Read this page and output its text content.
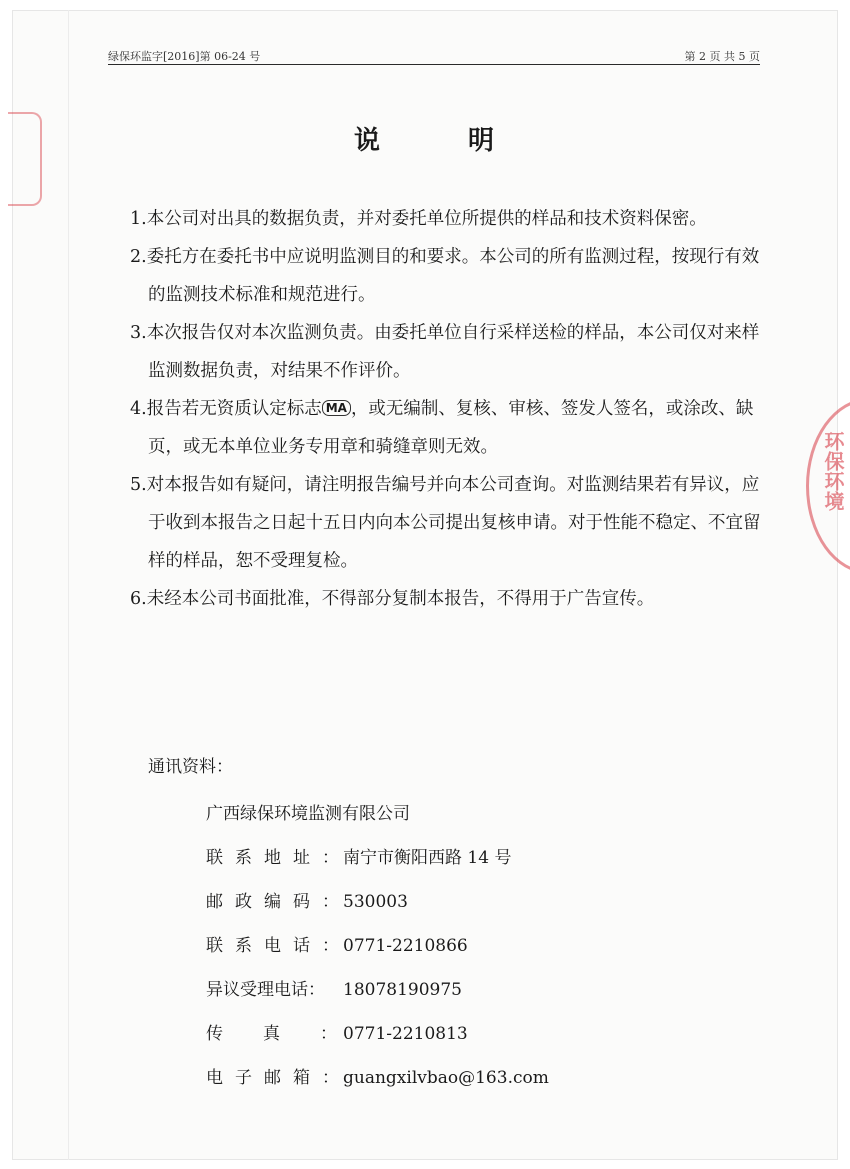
绿保环监字[2016]第 06-24 号	第 2 页 共 5 页
说	明

1.本公司对出具的数据负责，并对委托单位所提供的样品和技术资料保密。

2.委托方在委托书中应说明监测目的和要求。本公司的所有监测过程，按现行有效的监测技术标准和规范进行。

3.本次报告仅对本次监测负责。由委托单位自行采样送检的样品，本公司仅对来样监测数据负责，对结果不作评价。

4.报告若无资质认定标志 MA ，或无编制、复核、审核、签发人签名，或涂改、缺页，或无本单位业务专用章和骑缝章则无效。

5.对本报告如有疑问，请注明报告编号并向本公司查询。对监测结果若有异议，应于收到本报告之日起十五日内向本公司提出复核申请。对于性能不稳定、不宜留样的样品，恕不受理复检。

6.未经本公司书面批准，不得部分复制本报告，不得用于广告宣传。

通讯资料：
广西绿保环境监测有限公司
联系地址：南宁市衡阳西路 14 号
邮政编码：530003
联系电话：0771-2210866
异议受理电话： 18078190975
传真：0771-2210813
电子邮箱：guangxilvbao@163.com
环保环境
